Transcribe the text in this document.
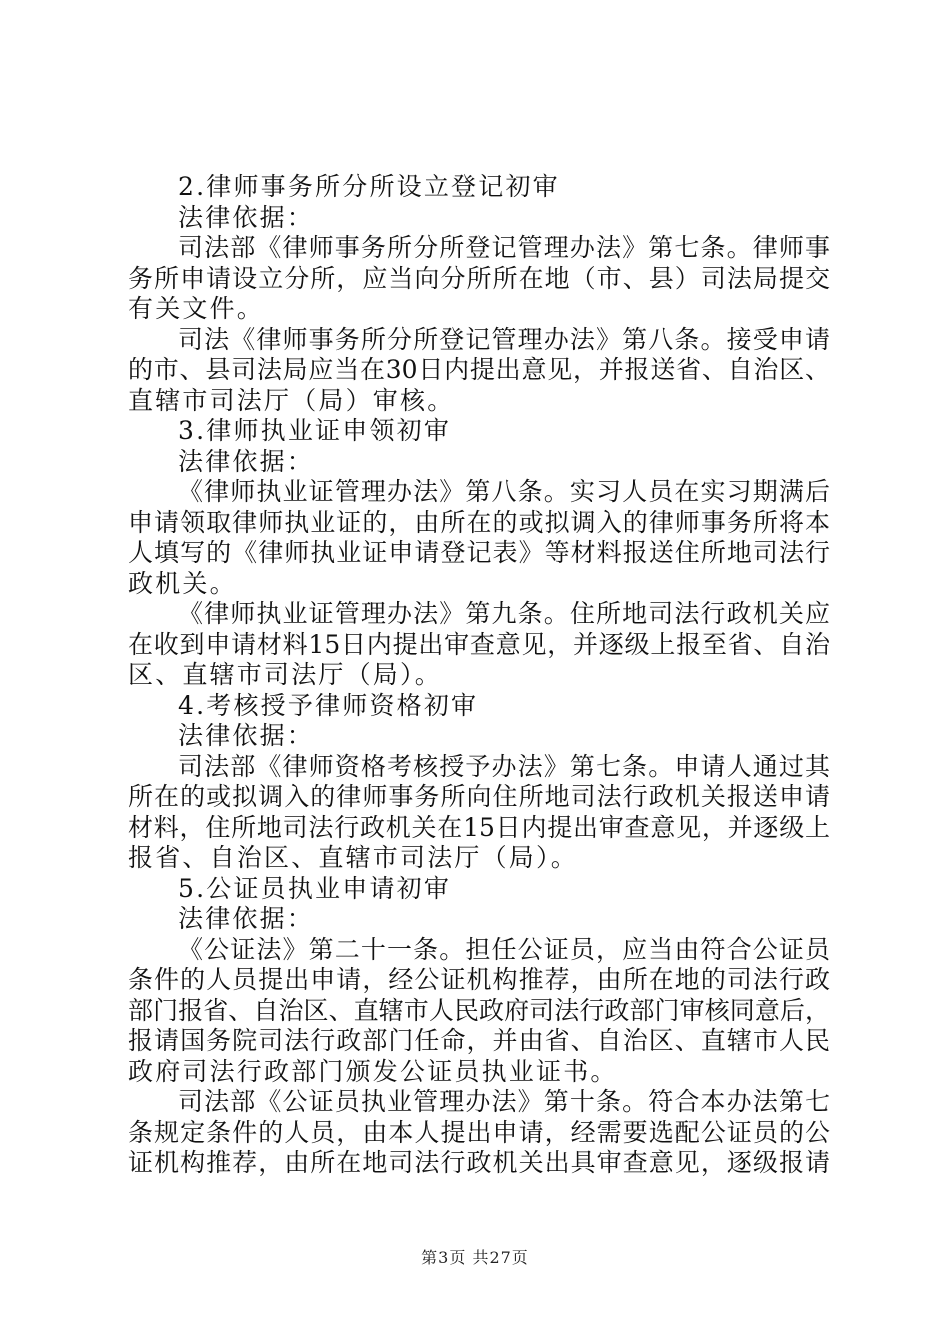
2.律师事务所分所设立登记初审
法律依据：
司法部《律师事务所分所登记管理办法》第七条。律师事
务所申请设立分所，应当向分所所在地（市、县）司法局提交
有关文件。
司法《律师事务所分所登记管理办法》第八条。接受申请
的市、县司法局应当在30日内提出意见，并报送省、自治区、
直辖市司法厅（局）审核。
3.律师执业证申领初审
法律依据：
《律师执业证管理办法》第八条。实习人员在实习期满后
申请领取律师执业证的，由所在的或拟调入的律师事务所将本
人填写的《律师执业证申请登记表》等材料报送住所地司法行
政机关。
《律师执业证管理办法》第九条。住所地司法行政机关应
在收到申请材料15日内提出审查意见，并逐级上报至省、自治
区、直辖市司法厅（局）。
4.考核授予律师资格初审
法律依据：
司法部《律师资格考核授予办法》第七条。申请人通过其
所在的或拟调入的律师事务所向住所地司法行政机关报送申请
材料，住所地司法行政机关在15日内提出审查意见，并逐级上
报省、自治区、直辖市司法厅（局）。
5.公证员执业申请初审
法律依据：
《公证法》第二十一条。担任公证员，应当由符合公证员
条件的人员提出申请，经公证机构推荐，由所在地的司法行政
部门报省、自治区、直辖市人民政府司法行政部门审核同意后，
报请国务院司法行政部门任命，并由省、自治区、直辖市人民
政府司法行政部门颁发公证员执业证书。
司法部《公证员执业管理办法》第十条。符合本办法第七
条规定条件的人员，由本人提出申请，经需要选配公证员的公
证机构推荐，由所在地司法行政机关出具审查意见，逐级报请
第3页 共27页
